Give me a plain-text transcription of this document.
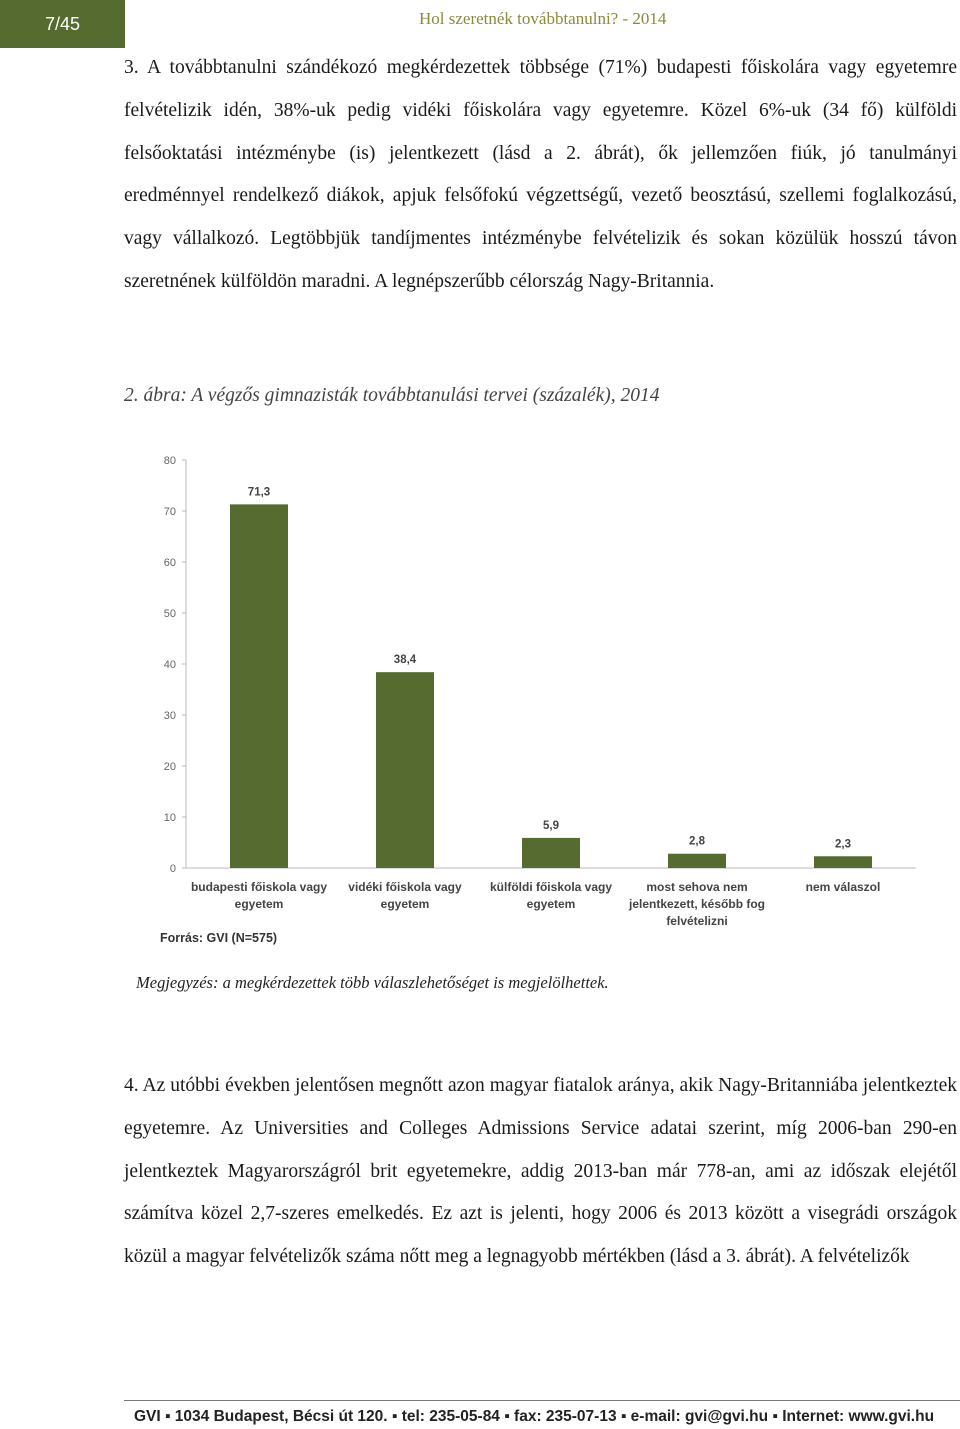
7/45	Hol szeretnék továbbtanulni? - 2014

3. A továbbtanulni szándékozó megkérdezettek többsége (71%) budapesti főiskolára vagy egyetemre felvételizik idén, 38%-uk pedig vidéki főiskolára vagy egyetemre. Közel 6%-uk (34 fő) külföldi felsőoktatási intézménybe (is) jelentkezett (lásd a 2. ábrát), ők jellemzően fiúk, jó tanulmányi eredménnyel rendelkező diákok, apjuk felsőfokú végzettségű, vezető beosztású, szellemi foglalkozású, vagy vállalkozó. Legtöbbjük tandíjmentes intézménybe felvételizik és sokan közülük hosszú távon szeretnének külföldön maradni. A legnépszerűbb célország Nagy-Britannia.

2. ábra: A végzős gimnazisták továbbtanulási tervei (százalék), 2014
0
10
20
30
40
50
60
70
80
71,3
budapesti főiskola vagy
egyetem
38,4
vidéki főiskola vagy
egyetem
5,9
külföldi főiskola vagy
egyetem
2,8
most sehova nem
jelentkezett, később fog
felvételizni
2,3
nem válaszol
Forrás: GVI (N=575)
Megjegyzés: a megkérdezettek több válaszlehetőséget is megjelölhettek.

4. Az utóbbi években jelentősen megnőtt azon magyar fiatalok aránya, akik Nagy-Britanniába jelentkeztek egyetemre. Az Universities and Colleges Admissions Service adatai szerint, míg 2006-ban 290-en jelentkeztek Magyarországról brit egyetemekre, addig 2013-ban már 778-an, ami az időszak elejétől számítva közel 2,7-szeres emelkedés. Ez azt is jelenti, hogy 2006 és 2013 között a visegrádi országok közül a magyar felvételizők száma nőtt meg a legnagyobb mértékben (lásd a 3. ábrát). A felvételizők

GVI ▪ 1034 Budapest, Bécsi út 120. ▪ tel: 235-05-84 ▪ fax: 235-07-13 ▪ e-mail: gvi@gvi.hu ▪ Internet: www.gvi.hu
